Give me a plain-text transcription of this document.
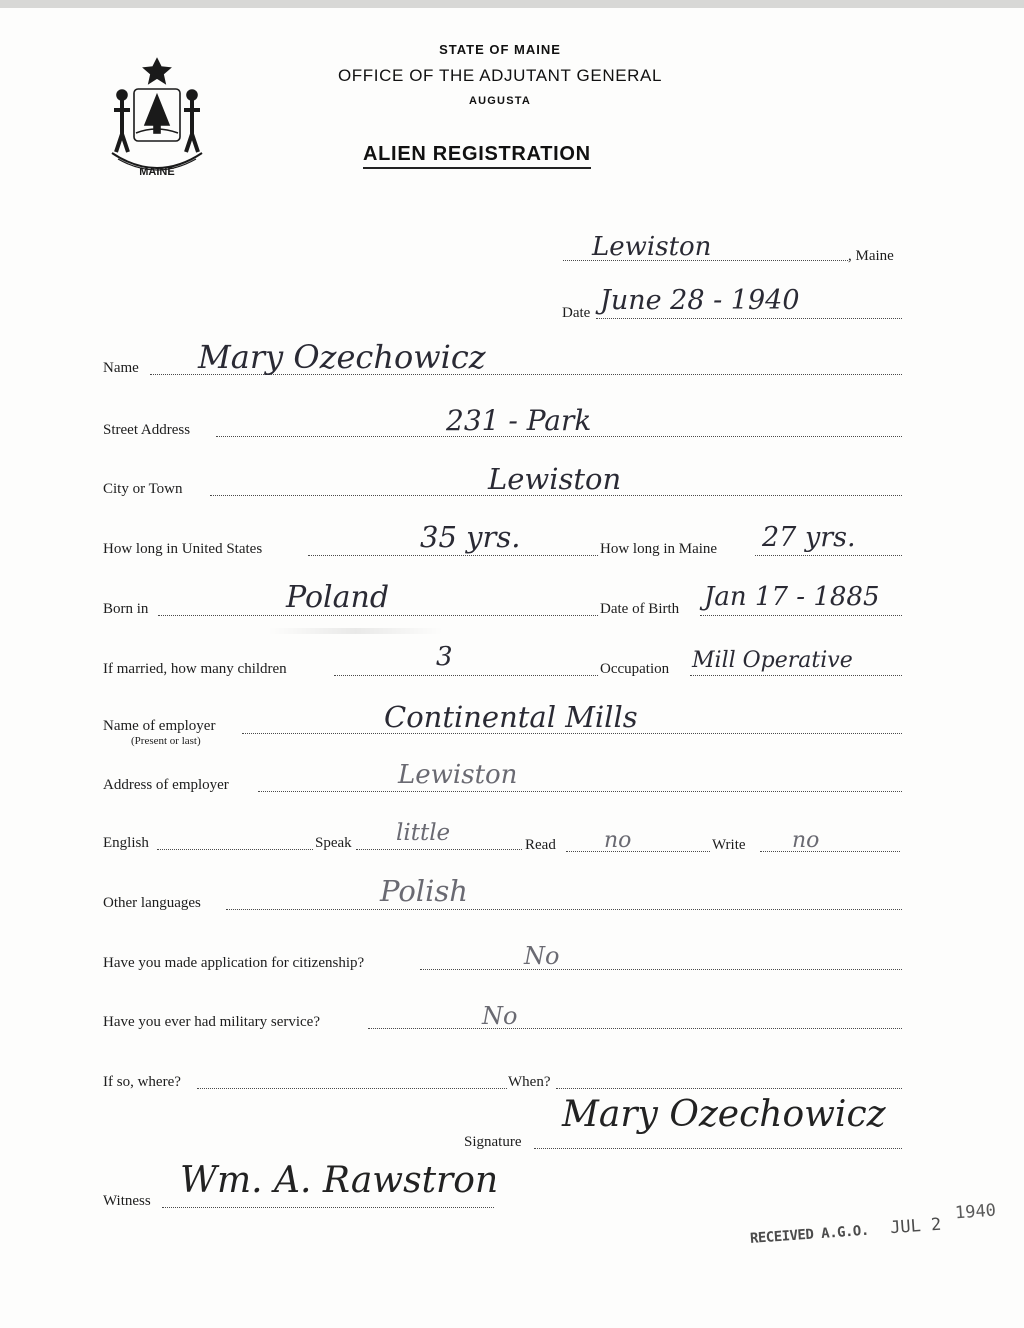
MAINE
STATE OF MAINE
OFFICE OF THE ADJUTANT GENERAL
AUGUSTA
ALIEN REGISTRATION
Lewiston	, Maine
Date June 28 - 1940
Name Mary Ozechowicz
Street Address	231 - Park
City or Town	Lewiston
How long in United States	35 yrs.	How long in Maine 27 yrs.
Born in	Poland	Date of Birth Jan 17 - 1885
If married, how many children	3	Occupation Mill Operative
Name of employer
(Present or last)
Continental Mills
Address of employer	Lewiston
English	Speak little	Read no	Write no
Other languages	Polish
Have you made application for citizenship?	No
Have you ever had military service?	No
If so, where?	When?
Signature
Mary Ozechowicz
Witness Wm. A. Rawstron
RECEIVED A.G.O. JUL 2
1940
